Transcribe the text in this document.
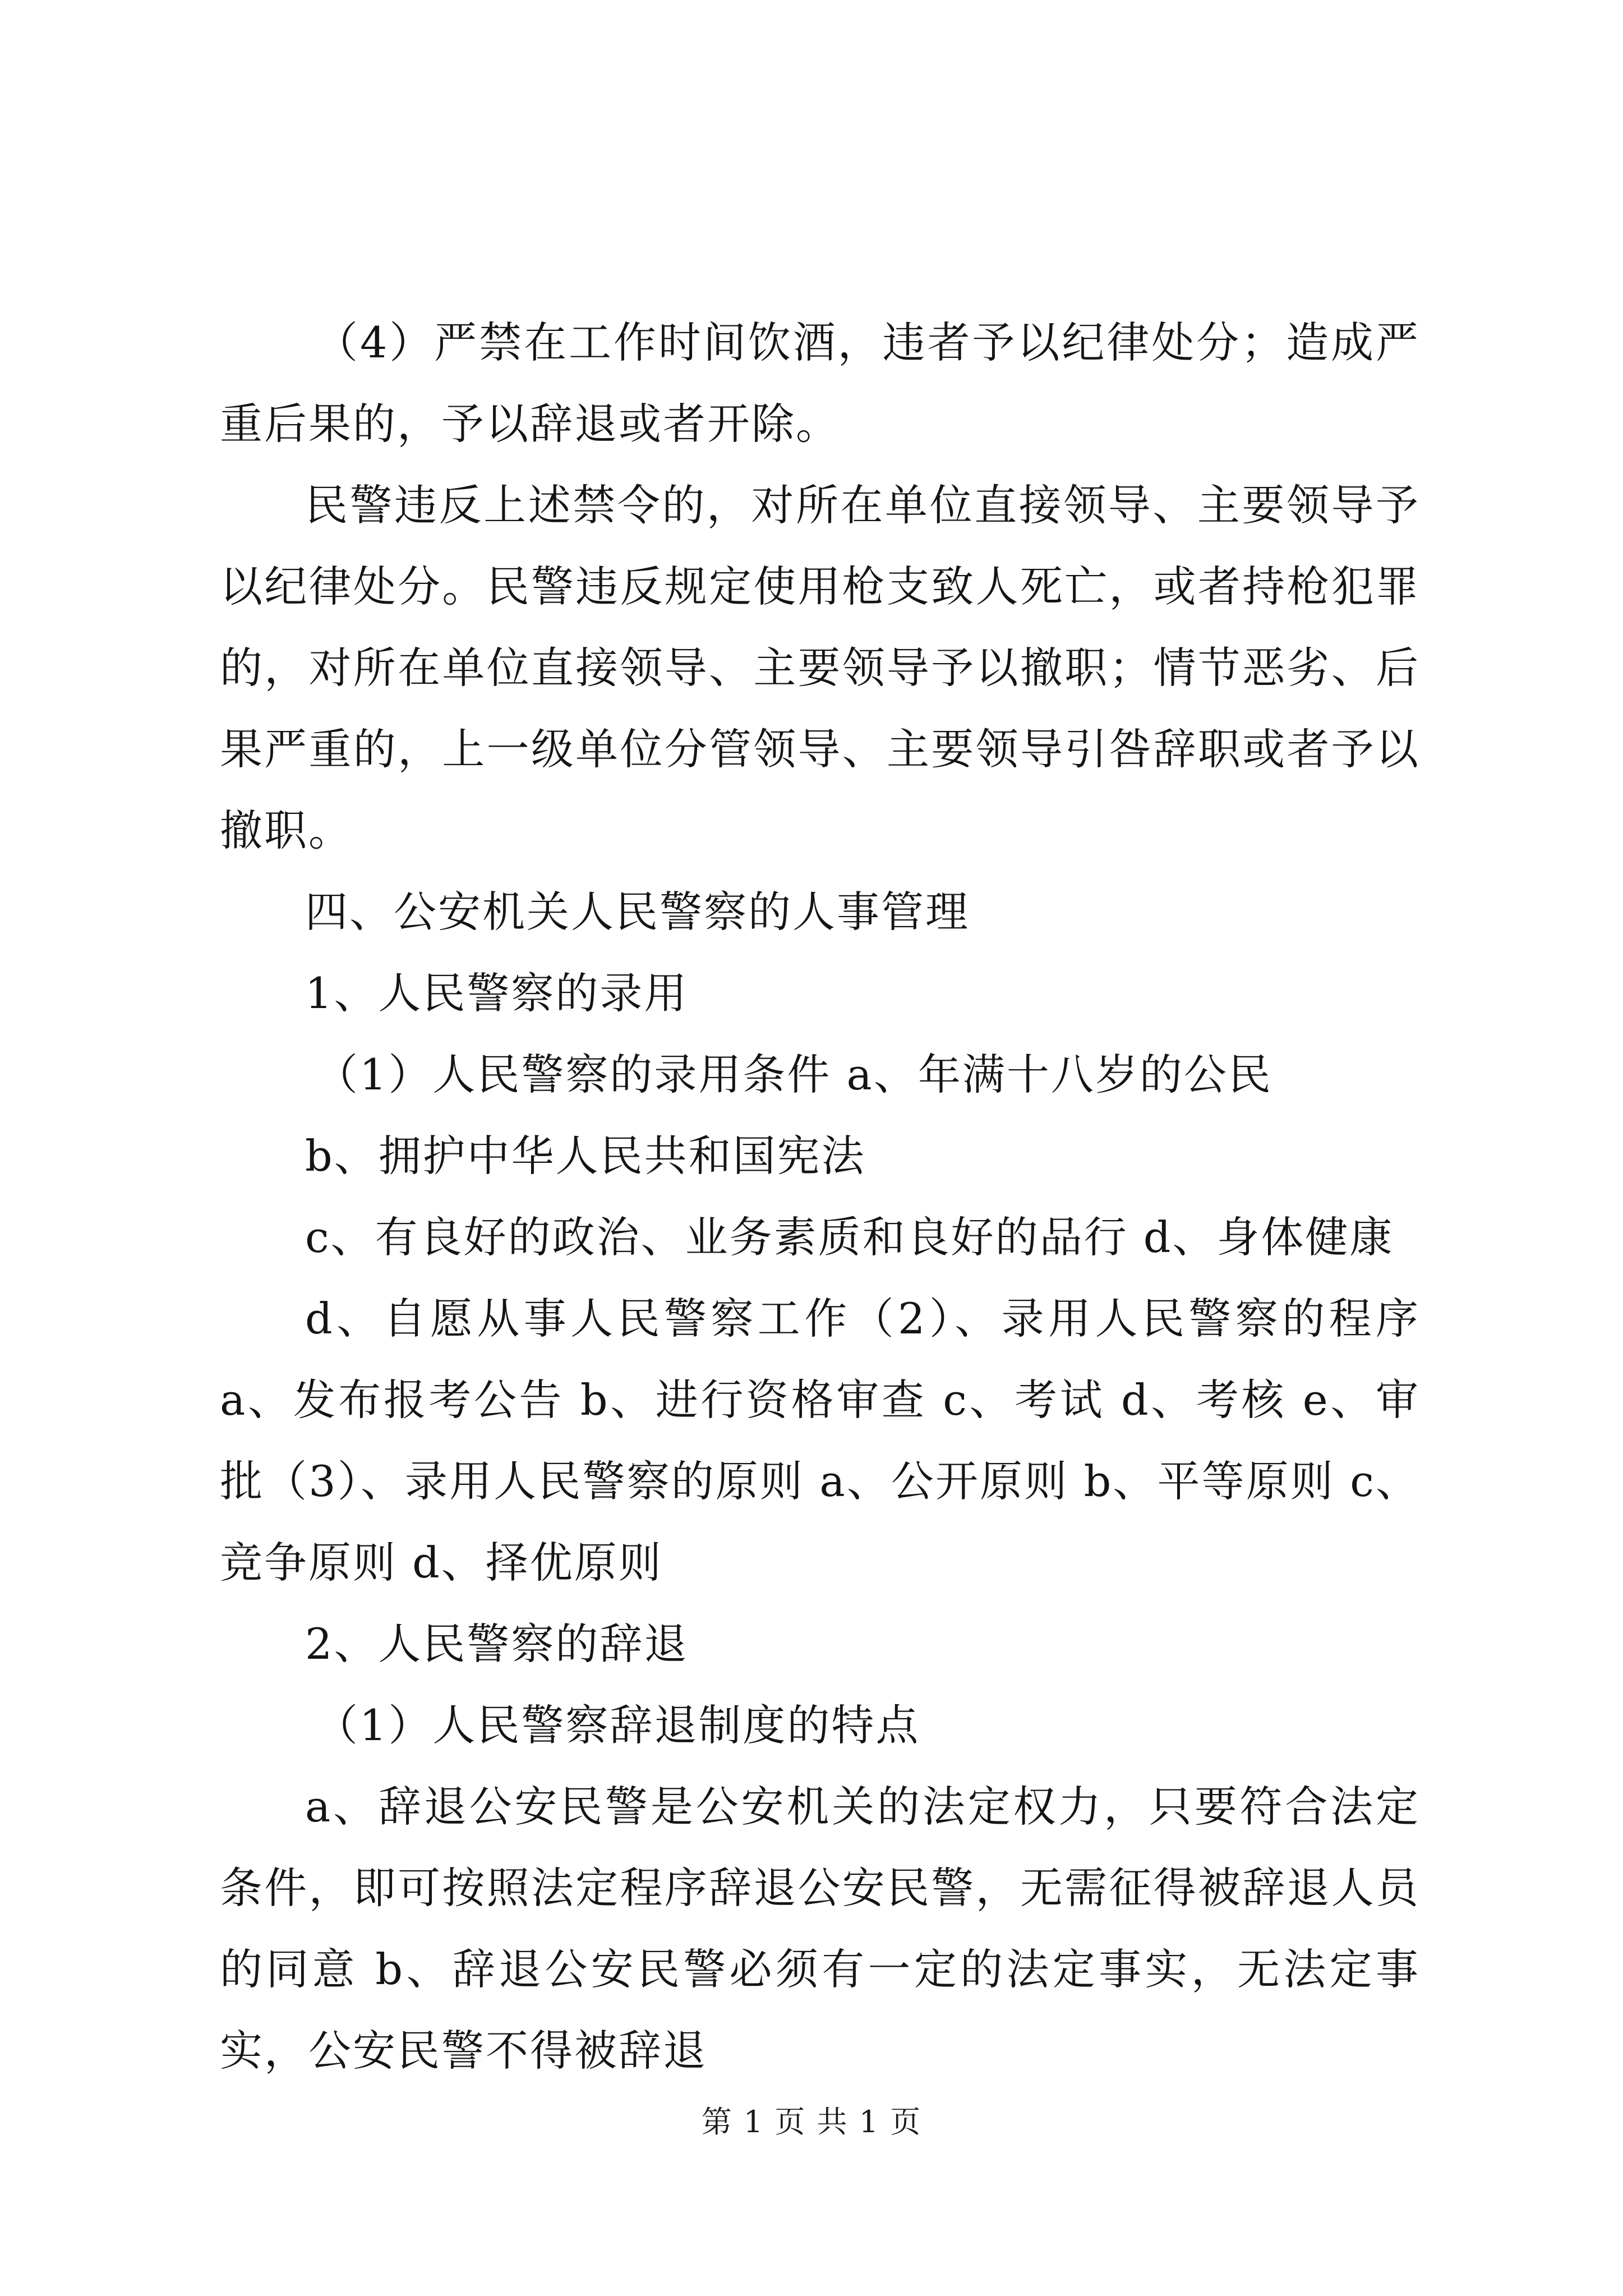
（4）严禁在工作时间饮酒，违者予以纪律处分；造成严重后果的，予以辞退或者开除。

民警违反上述禁令的，对所在单位直接领导、主要领导予以纪律处分。民警违反规定使用枪支致人死亡，或者持枪犯罪的，对所在单位直接领导、主要领导予以撤职；情节恶劣、后果严重的，上一级单位分管领导、主要领导引咎辞职或者予以撤职。

四、公安机关人民警察的人事管理

1、人民警察的录用

（1）人民警察的录用条件 a、年满十八岁的公民

b、拥护中华人民共和国宪法

c、有良好的政治、业务素质和良好的品行 d、身体健康

d、自愿从事人民警察工作（2）、录用人民警察的程序 a、发布报考公告 b、进行资格审查 c、考试 d、考核 e、审批（3）、录用人民警察的原则 a、公开原则 b、平等原则 c、竞争原则 d、择优原则

2、人民警察的辞退

（1）人民警察辞退制度的特点

a、辞退公安民警是公安机关的法定权力，只要符合法定条件，即可按照法定程序辞退公安民警，无需征得被辞退人员的同意 b、辞退公安民警必须有一定的法定事实，无法定事实，公安民警不得被辞退

第 1 页 共 1 页
